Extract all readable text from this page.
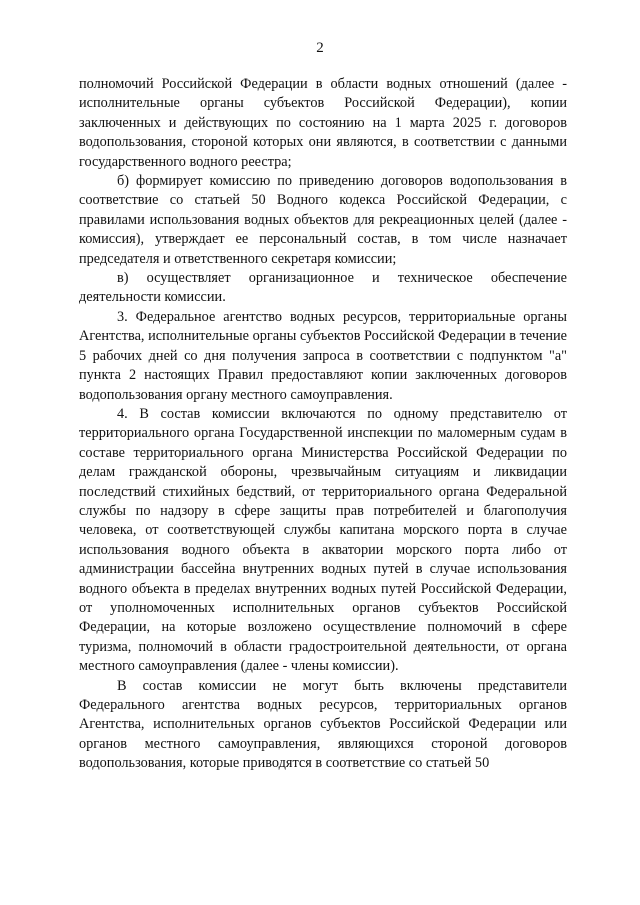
2

полномочий Российской Федерации в области водных отношений (далее - исполнительные органы субъектов Российской Федерации), копии заключенных и действующих по состоянию на 1 марта 2025 г. договоров водопользования, стороной которых они являются, в соответствии с данными государственного водного реестра;

б) формирует комиссию по приведению договоров водопользования в соответствие со статьей 50 Водного кодекса Российской Федерации, с правилами использования водных объектов для рекреационных целей (далее - комиссия), утверждает ее персональный состав, в том числе назначает председателя и ответственного секретаря комиссии;

в) осуществляет организационное и техническое обеспечение деятельности комиссии.

3. Федеральное агентство водных ресурсов, территориальные органы Агентства, исполнительные органы субъектов Российской Федерации в течение 5 рабочих дней со дня получения запроса в соответствии с подпунктом "а" пункта 2 настоящих Правил предоставляют копии заключенных договоров водопользования органу местного самоуправления.

4. В состав комиссии включаются по одному представителю от территориального органа Государственной инспекции по маломерным судам в составе территориального органа Министерства Российской Федерации по делам гражданской обороны, чрезвычайным ситуациям и ликвидации последствий стихийных бедствий, от территориального органа Федеральной службы по надзору в сфере защиты прав потребителей и благополучия человека, от соответствующей службы капитана морского порта в случае использования водного объекта в акватории морского порта либо от администрации бассейна внутренних водных путей в случае использования водного объекта в пределах внутренних водных путей Российской Федерации, от уполномоченных исполнительных органов субъектов Российской Федерации, на которые возложено осуществление полномочий в сфере туризма, полномочий в области градостроительной деятельности, от органа местного самоуправления (далее - члены комиссии).

В состав комиссии не могут быть включены представители Федерального агентства водных ресурсов, территориальных органов Агентства, исполнительных органов субъектов Российской Федерации или органов местного самоуправления, являющихся стороной договоров водопользования, которые приводятся в соответствие со статьей 50
